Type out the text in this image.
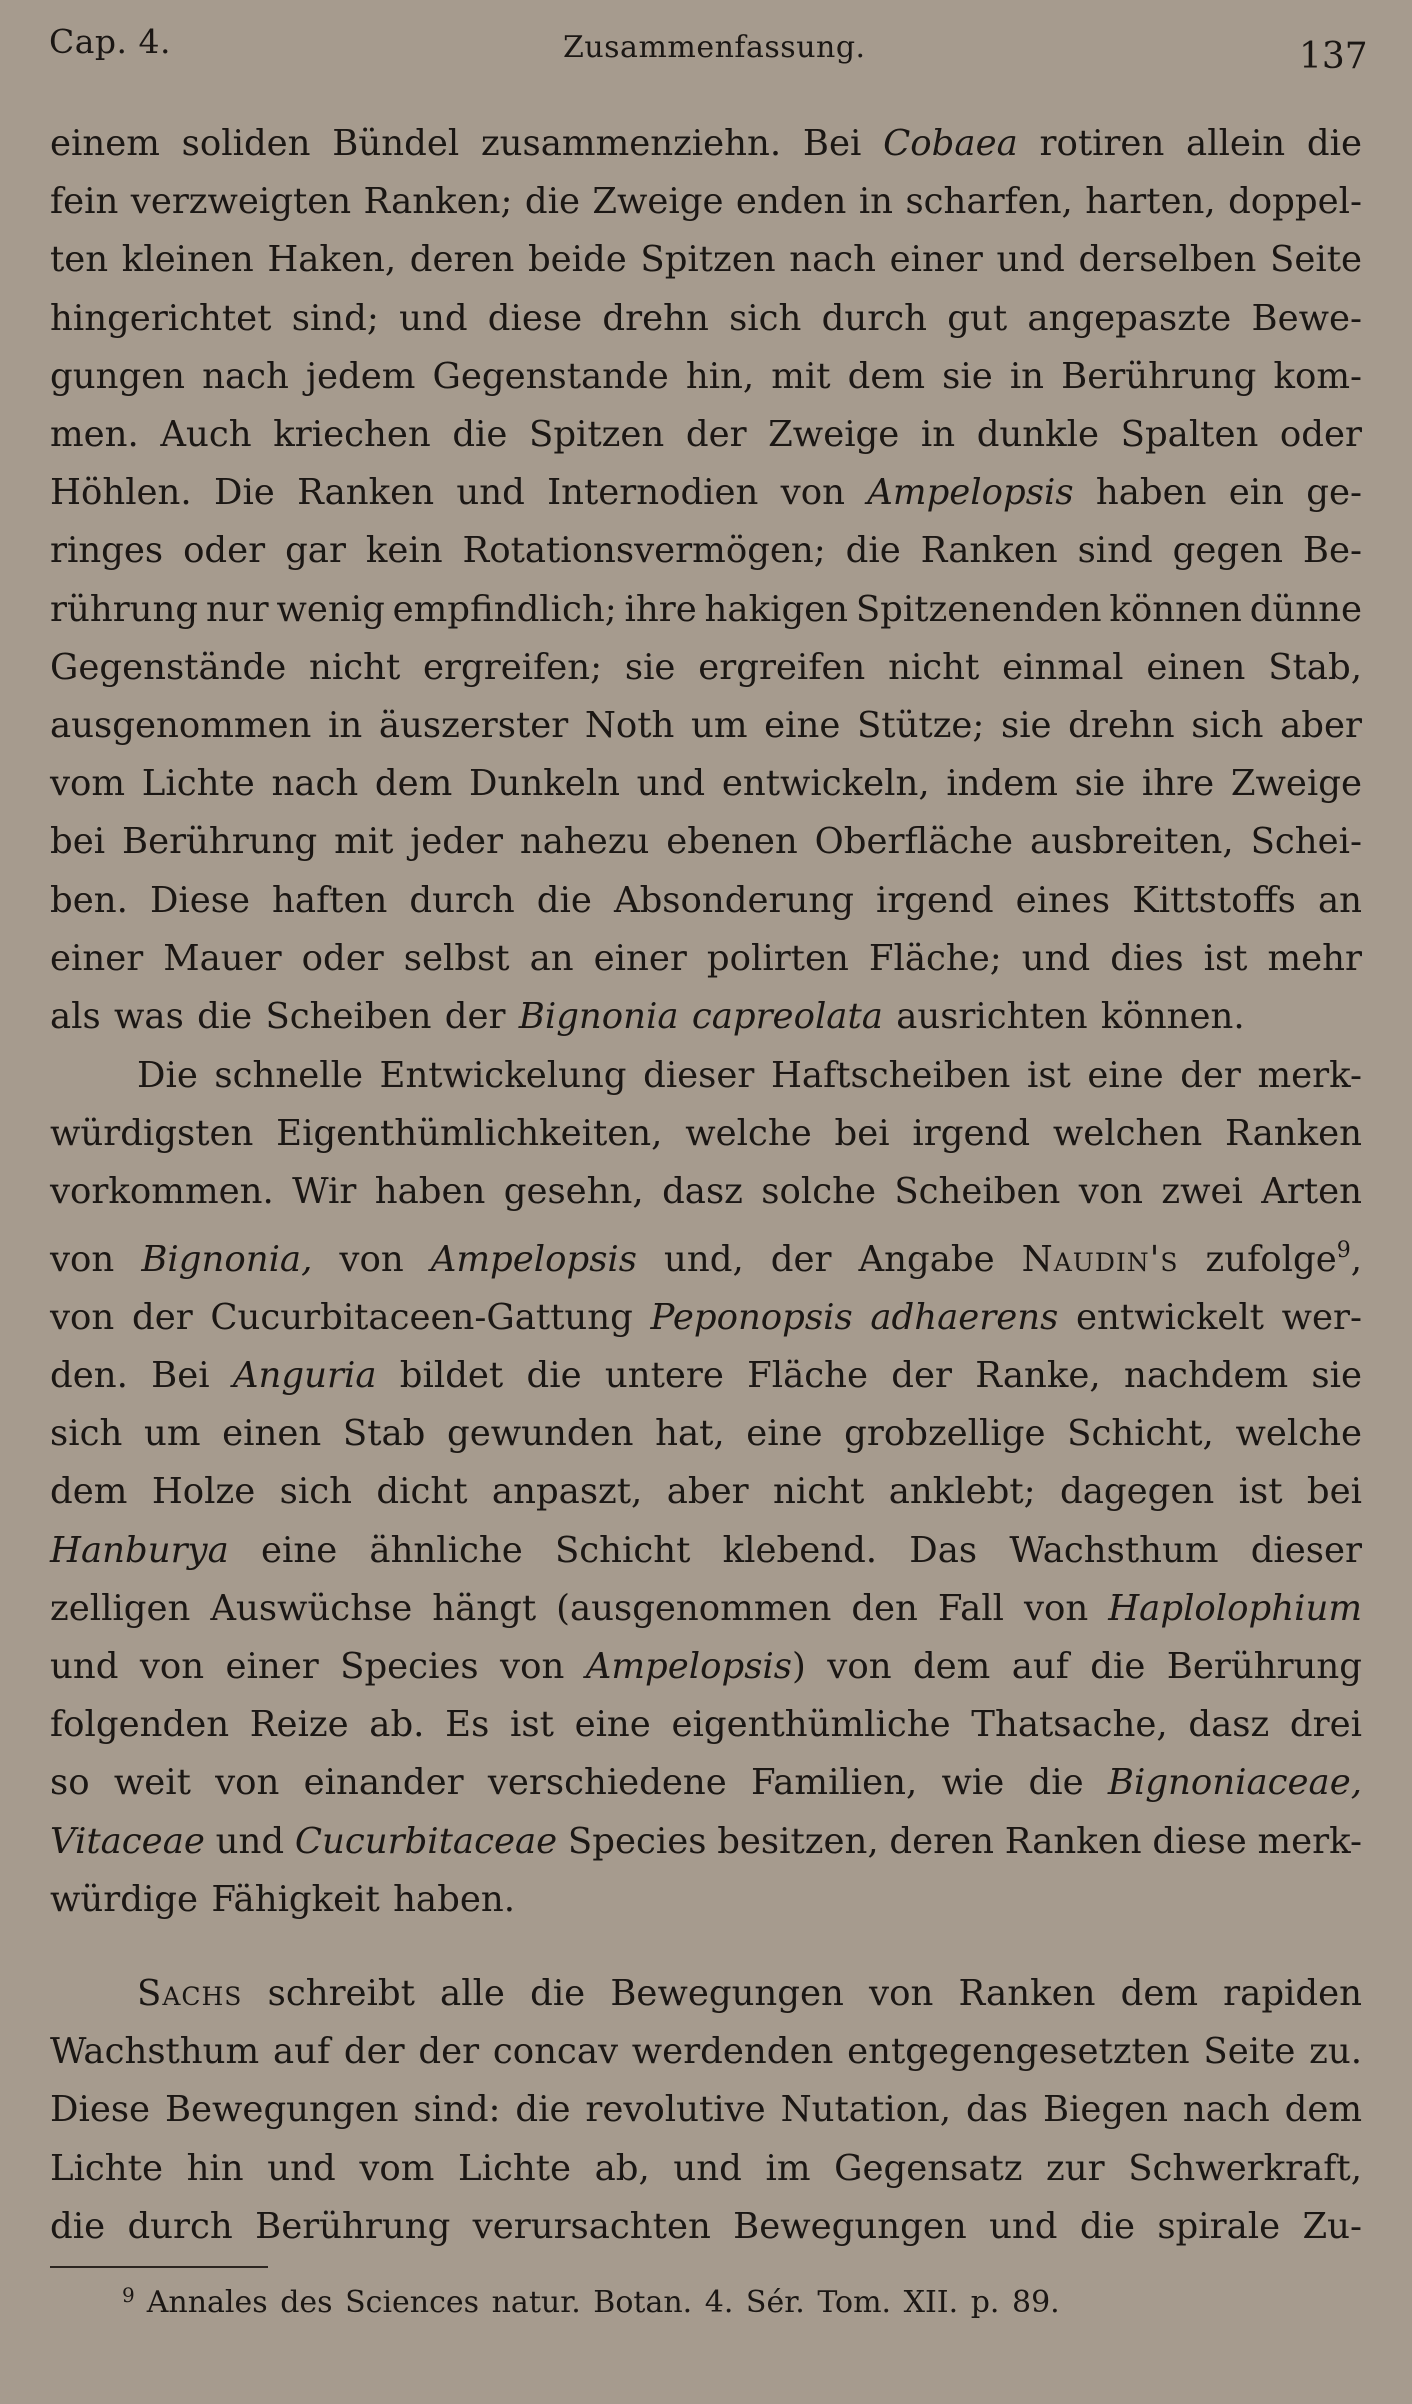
Cap. 4.	Zusammenfassung.	137
einem soliden Bündel zusammenziehn. Bei Cobaea rotiren allein die
fein verzweigten Ranken; die Zweige enden in scharfen, harten, doppel-
ten kleinen Haken, deren beide Spitzen nach einer und derselben Seite
hingerichtet sind; und diese drehn sich durch gut angepaszte Bewe-
gungen nach jedem Gegenstande hin, mit dem sie in Berührung kom-
men. Auch kriechen die Spitzen der Zweige in dunkle Spalten oder
Höhlen. Die Ranken und Internodien von Ampelopsis haben ein ge-
ringes oder gar kein Rotationsvermögen; die Ranken sind gegen Be-
rührung nur wenig empfindlich; ihre hakigen Spitzenenden können dünne
Gegenstände nicht ergreifen; sie ergreifen nicht einmal einen Stab,
ausgenommen in äuszerster Noth um eine Stütze; sie drehn sich aber
vom Lichte nach dem Dunkeln und entwickeln, indem sie ihre Zweige
bei Berührung mit jeder nahezu ebenen Oberfläche ausbreiten, Schei-
ben. Diese haften durch die Absonderung irgend eines Kittstoffs an
einer Mauer oder selbst an einer polirten Fläche; und dies ist mehr
als was die Scheiben der Bignonia capreolata ausrichten können.
Die schnelle Entwickelung dieser Haftscheiben ist eine der merk-
würdigsten Eigenthümlichkeiten, welche bei irgend welchen Ranken
vorkommen. Wir haben gesehn, dasz solche Scheiben von zwei Arten
von Bignonia, von Ampelopsis und, der Angabe Naudin's zufolge$^9$,
von der Cucurbitaceen-Gattung Peponopsis adhaerens entwickelt wer-
den. Bei Anguria bildet die untere Fläche der Ranke, nachdem sie
sich um einen Stab gewunden hat, eine grobzellige Schicht, welche
dem Holze sich dicht anpaszt, aber nicht anklebt; dagegen ist bei
Hanburya eine ähnliche Schicht klebend. Das Wachsthum dieser
zelligen Auswüchse hängt (ausgenommen den Fall von Haplolophium
und von einer Species von Ampelopsis) von dem auf die Berührung
folgenden Reize ab. Es ist eine eigenthümliche Thatsache, dasz drei
so weit von einander verschiedene Familien, wie die Bignoniaceae,
Vitaceae und Cucurbitaceae Species besitzen, deren Ranken diese merk-
würdige Fähigkeit haben.
Sachs schreibt alle die Bewegungen von Ranken dem rapiden
Wachsthum auf der der concav werdenden entgegengesetzten Seite zu.
Diese Bewegungen sind: die revolutive Nutation, das Biegen nach dem
Lichte hin und vom Lichte ab, und im Gegensatz zur Schwerkraft,
die durch Berührung verursachten Bewegungen und die spirale Zu-
$^9$ Annales des Sciences natur. Botan. 4. Sér. Tom. XII. p. 89.
